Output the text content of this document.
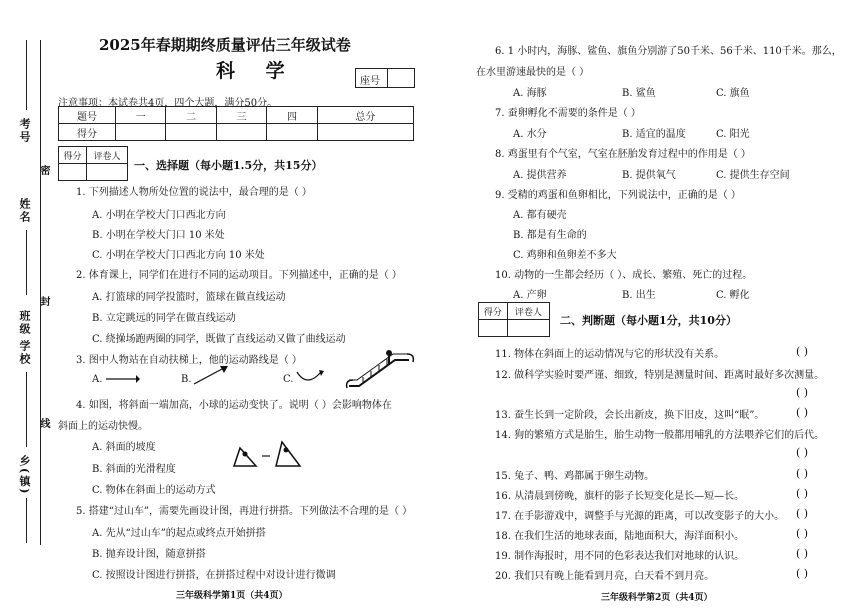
考号
密
姓名
封
班级
学校
线
乡(镇)
2025年春期期终质量评估三年级试卷
科 学	座号
注意事项：本试卷共4页，四个大题，满分50分。
题号	一	二	三	四	总分
得分					
得分	评卷人

一、选择题（每小题1.5分，共15分）
1. 下列描述人物所处位置的说法中，最合理的是（ ）
A. 小明在学校大门口西北方向
B. 小明在学校大门口 10 米处
C. 小明在学校大门口西北方向 10 米处
2. 体育课上，同学们在进行不同的运动项目。下列描述中，正确的是（ ）
A. 打篮球的同学投篮时，篮球在做直线运动
B. 立定跳远的同学在做直线运动
C. 绕操场跑两圈的同学，既做了直线运动又做了曲线运动
3. 图中人物站在自动扶梯上，他的运动路线是（ ）
A.	B.	C.
4. 如图，将斜面一端加高，小球的运动变快了。说明（ ）会影响物体在
斜面上的运动快慢。
A. 斜面的坡度
B. 斜面的光滑程度
C. 物体在斜面上的运动方式
5. 搭建“过山车”，需要先画设计图，再进行拼搭。下列做法不合理的是（ ）
A. 先从“过山车”的起点或终点开始拼搭
B. 抛弃设计图，随意拼搭
C. 按照设计图进行拼搭，在拼搭过程中对设计进行微调
三年级科学第1页（共4页）
6. 1 小时内，海豚、鲨鱼、旗鱼分别游了50千米、56千米、110千米。那么，
在水里游速最快的是（ ）
A. 海豚	B. 鲨鱼	C. 旗鱼
7. 蚕卵孵化不需要的条件是（ ）
A. 水分	B. 适宜的温度	C. 阳光
8. 鸡蛋里有个气室，气室在胚胎发育过程中的作用是（ ）
A. 提供营养	B. 提供氧气	C. 提供生存空间
9. 受精的鸡蛋和鱼卵相比，下列说法中，正确的是（ ）
A. 都有硬壳
B. 都是有生命的
C. 鸡卵和鱼卵差不多大
10. 动物的一生都会经历（ ）、成长、繁殖、死亡的过程。
A. 产卵	B. 出生	C. 孵化
得分	评卷人

二、判断题（每小题1分，共10分）
11. 物体在斜面上的运动情况与它的形状没有关系。	( )
12. 做科学实验时要严谨、细致，特别是测量时间、距离时最好多次测量。
( )
13. 蚕生长到一定阶段，会长出新皮，换下旧皮，这叫“眠”。	( )
14. 狗的繁殖方式是胎生，胎生动物一般都用哺乳的方法喂养它们的后代。
( )
15. 兔子、鸭、鸡都属于卵生动物。	( )
16. 从清晨到傍晚，旗杆的影子长短变化是长—短—长。	( )
17. 在手影游戏中，调整手与光源的距离，可以改变影子的大小。 ( )
18. 在我们生活的地球表面，陆地面积大，海洋面积小。	( )
19. 制作海报时，用不同的色彩表达我们对地球的认识。	( )
20. 我们只有晚上能看到月亮，白天看不到月亮。	( )
三年级科学第2页（共4页）
